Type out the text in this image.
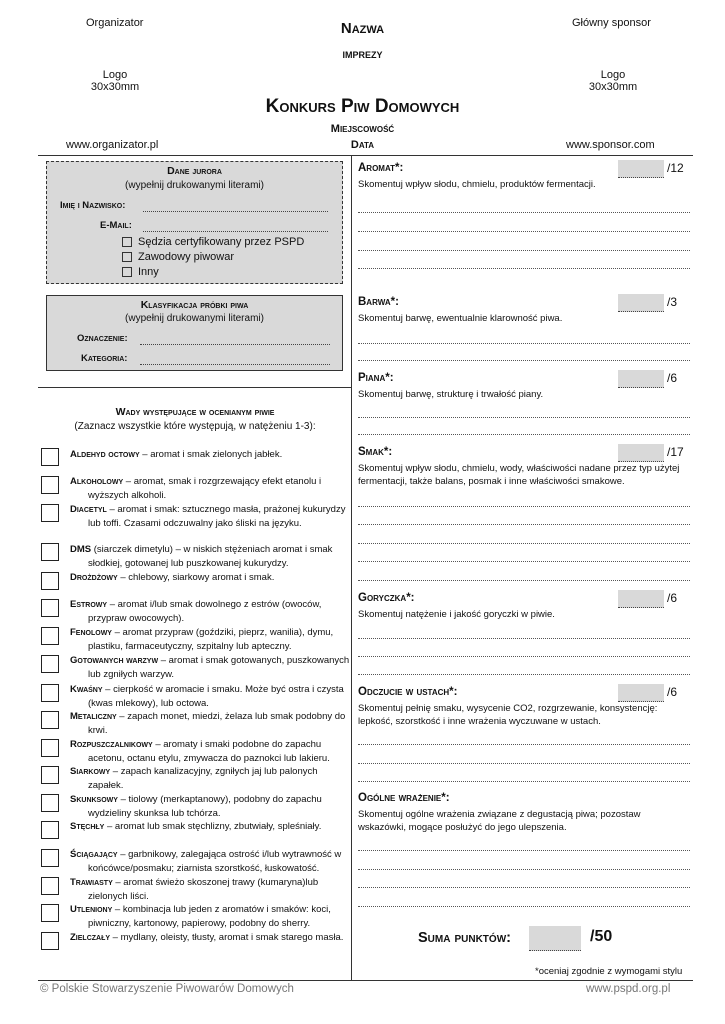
Organizator	Główny sponsor
Nazwa
imprezy
Logo
30x30mm
Logo
30x30mm
Konkurs Piw Domowych
Miejscowość
Data
www.organizator.pl	www.sponsor.com
Dane jurora
(wypełnij drukowanymi literami)
Imię i Nazwisko:
E-Mail:
Sędzia certyfikowany przez PSPD
Zawodowy piwowar
Inny
Klasyfikacja próbki piwa
(wypełnij drukowanymi literami)
Oznaczenie:
Kategoria:
Wady występujące w ocenianym piwie
(Zaznacz wszystkie które występują, w natężeniu 1-3):
Aldehyd octowy – aromat i smak zielonych jabłek.
Alkoholowy – aromat, smak i rozgrzewający efekt etanolu i wyższych alkoholi.
Diacetyl – aromat i smak: sztucznego masła, prażonej kukurydzy lub toffi. Czasami odczuwalny jako śliski na języku.
DMS (siarczek dimetylu) – w niskich stężeniach aromat i smak słodkiej, gotowanej lub puszkowanej kukurydzy.
Drożdżowy – chlebowy, siarkowy aromat i smak.
Estrowy – aromat i/lub smak dowolnego z estrów (owoców, przypraw owocowych).
Fenolowy – aromat przypraw (goździki, pieprz, wanilia), dymu, plastiku, farmaceutyczny, szpitalny lub apteczny.
Gotowanych warzyw – aromat i smak gotowanych, puszkowanych lub zgniłych warzyw.
Kwaśny – cierpkość w aromacie i smaku. Może być ostra i czysta (kwas mlekowy), lub octowa.
Metaliczny – zapach monet, miedzi, żelaza lub smak podobny do krwi.
Rozpuszczalnikowy – aromaty i smaki podobne do zapachu acetonu, octanu etylu, zmywacza do paznokci lub lakieru.
Siarkowy – zapach kanalizacyjny, zgniłych jaj lub palonych zapałek.
Skunksowy – tiolowy (merkaptanowy), podobny do zapachu wydzieliny skunksa lub tchórza.
Stęchły – aromat lub smak stęchlizny, zbutwiały, spleśniały.
Ściągający – garbnikowy, zalegająca ostrość i/lub wytrawność w końcówce/posmaku; ziarnista szorstkość, łuskowatość.
Trawiasty – aromat świeżo skoszonej trawy (kumaryna)lub zielonych liści.
Utleniony – kombinacja lub jeden z aromatów i smaków: koci, piwniczny, kartonowy, papierowy, podobny do sherry.
Zielczały – mydlany, oleisty, tłusty, aromat i smak starego masła.
Aromat*:
Skomentuj wpływ słodu, chmielu, produktów fermentacji.
/12
Barwa*:
Skomentuj barwę, ewentualnie klarowność piwa.
/3
Piana*:
Skomentuj barwę, strukturę i trwałość piany.
/6
Smak*:
Skomentuj wpływ słodu, chmielu, wody, właściwości nadane przez typ użytej fermentacji, także balans, posmak i inne właściwości smakowe.
/17
Goryczka*:
Skomentuj natężenie i jakość goryczki w piwie.
/6
Odczucie w ustach*:
Skomentuj pełnię smaku, wysycenie CO2, rozgrzewanie, konsystencję: lepkość, szorstkość i inne wrażenia wyczuwane w ustach.
/6
Ogólne wrażenie*:
Skomentuj ogólne wrażenia związane z degustacją piwa; pozostaw wskazówki, mogące posłużyć do jego ulepszenia.
Suma punktów:	/50
*oceniaj zgodnie z wymogami stylu
© Polskie Stowarzyszenie Piwowarów Domowych	www.pspd.org.pl
